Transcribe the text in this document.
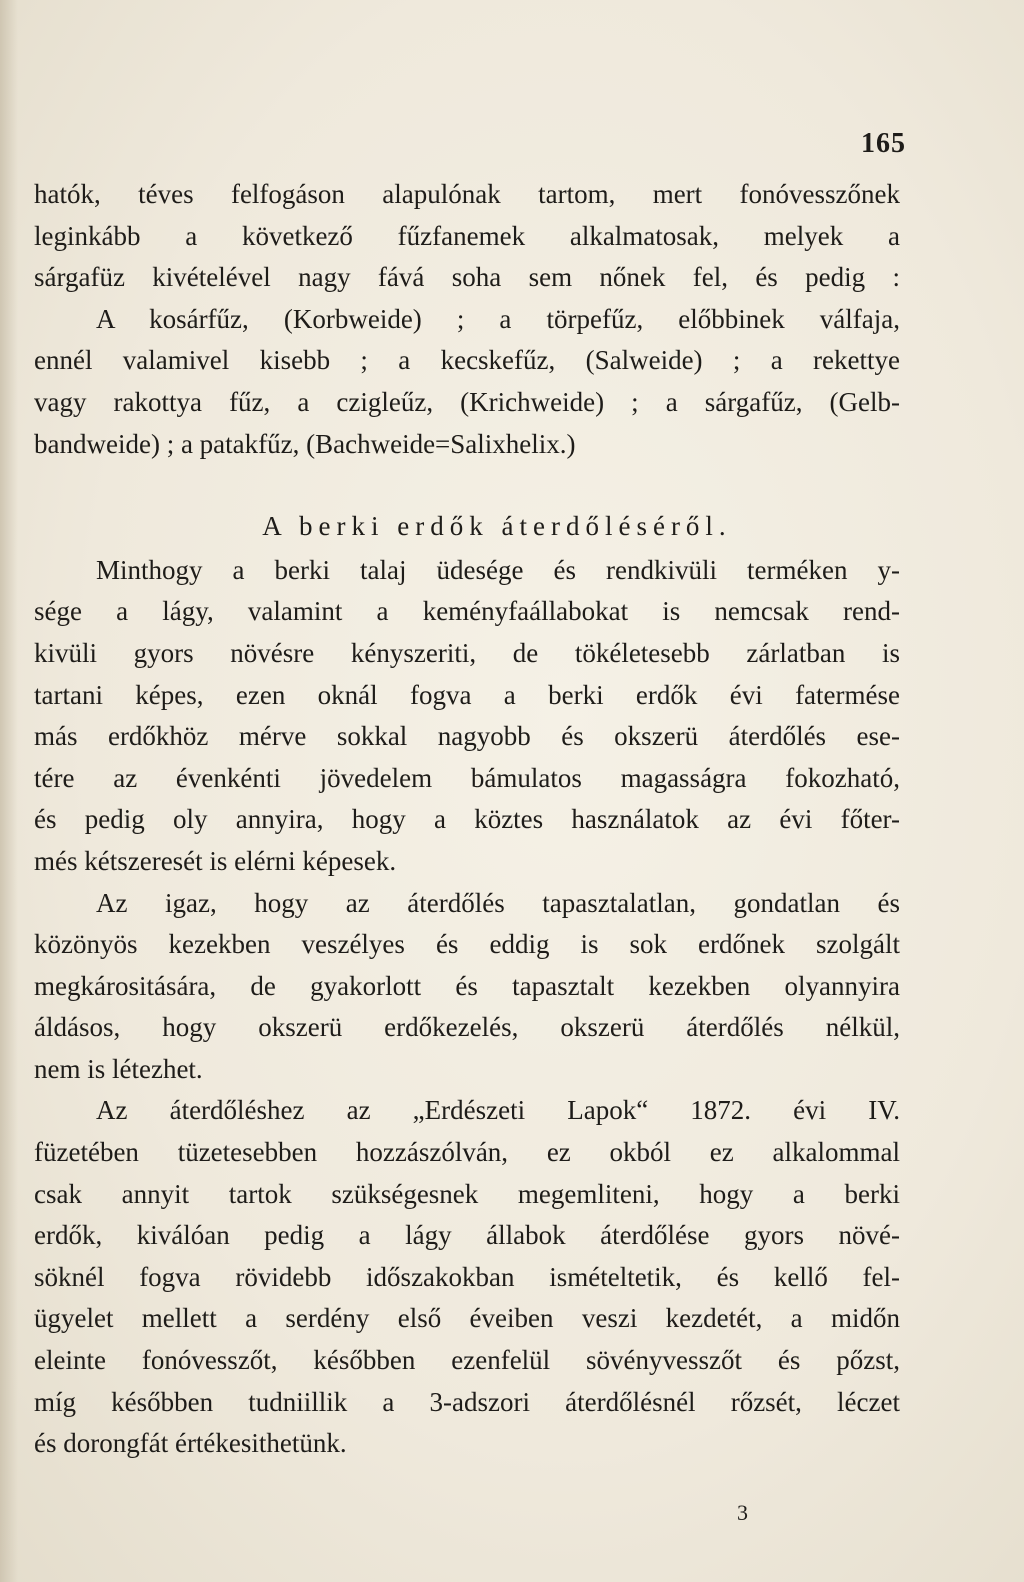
165
hatók, téves felfogáson alapulónak tartom, mert fonóvesszőnek
leginkább a következő fűzfanemek alkalmatosak, melyek a
sárgafüz kivételével nagy fává soha sem nőnek fel, és pedig :
A kosárfűz, (Korbweide) ; a törpefűz, előbbinek válfaja,
ennél valamivel kisebb ; a kecskefűz, (Salweide) ; a rekettye
vagy rakottya fűz, a czigleűz, (Krichweide) ; a sárgafűz, (Gelb-
bandweide) ; a patakfűz, (Bachweide=Salixhelix.)
A berki erdők áterdőléséről.
Minthogy a berki talaj üdesége és rendkivüli terméken y-
sége a lágy, valamint a keményfaállabokat is nemcsak rend-
kivüli gyors növésre kényszeriti, de tökéletesebb zárlatban is
tartani képes, ezen oknál fogva a berki erdők évi fatermése
más erdőkhöz mérve sokkal nagyobb és okszerü áterdőlés ese-
tére az évenkénti jövedelem bámulatos magasságra fokozható,
és pedig oly annyira, hogy a köztes használatok az évi főter-
més kétszeresét is elérni képesek.
Az igaz, hogy az áterdőlés tapasztalatlan, gondatlan és
közönyös kezekben veszélyes és eddig is sok erdőnek szolgált
megkárositására, de gyakorlott és tapasztalt kezekben olyannyira
áldásos, hogy okszerü erdőkezelés, okszerü áterdőlés nélkül,
nem is létezhet.
Az áterdőléshez az „Erdészeti Lapok“ 1872. évi IV.
füzetében tüzetesebben hozzászólván, ez okból ez alkalommal
csak annyit tartok szükségesnek megemliteni, hogy a berki
erdők, kiválóan pedig a lágy állabok áterdőlése gyors növé-
söknél fogva rövidebb időszakokban ismételtetik, és kellő fel-
ügyelet mellett a serdény első éveiben veszi kezdetét, a midőn
eleinte fonóvesszőt, későbben ezenfelül sövényvesszőt és pőzst,
míg későbben tudniillik a 3-adszori áterdőlésnél rőzsét, léczet
és dorongfát értékesithetünk.
3
